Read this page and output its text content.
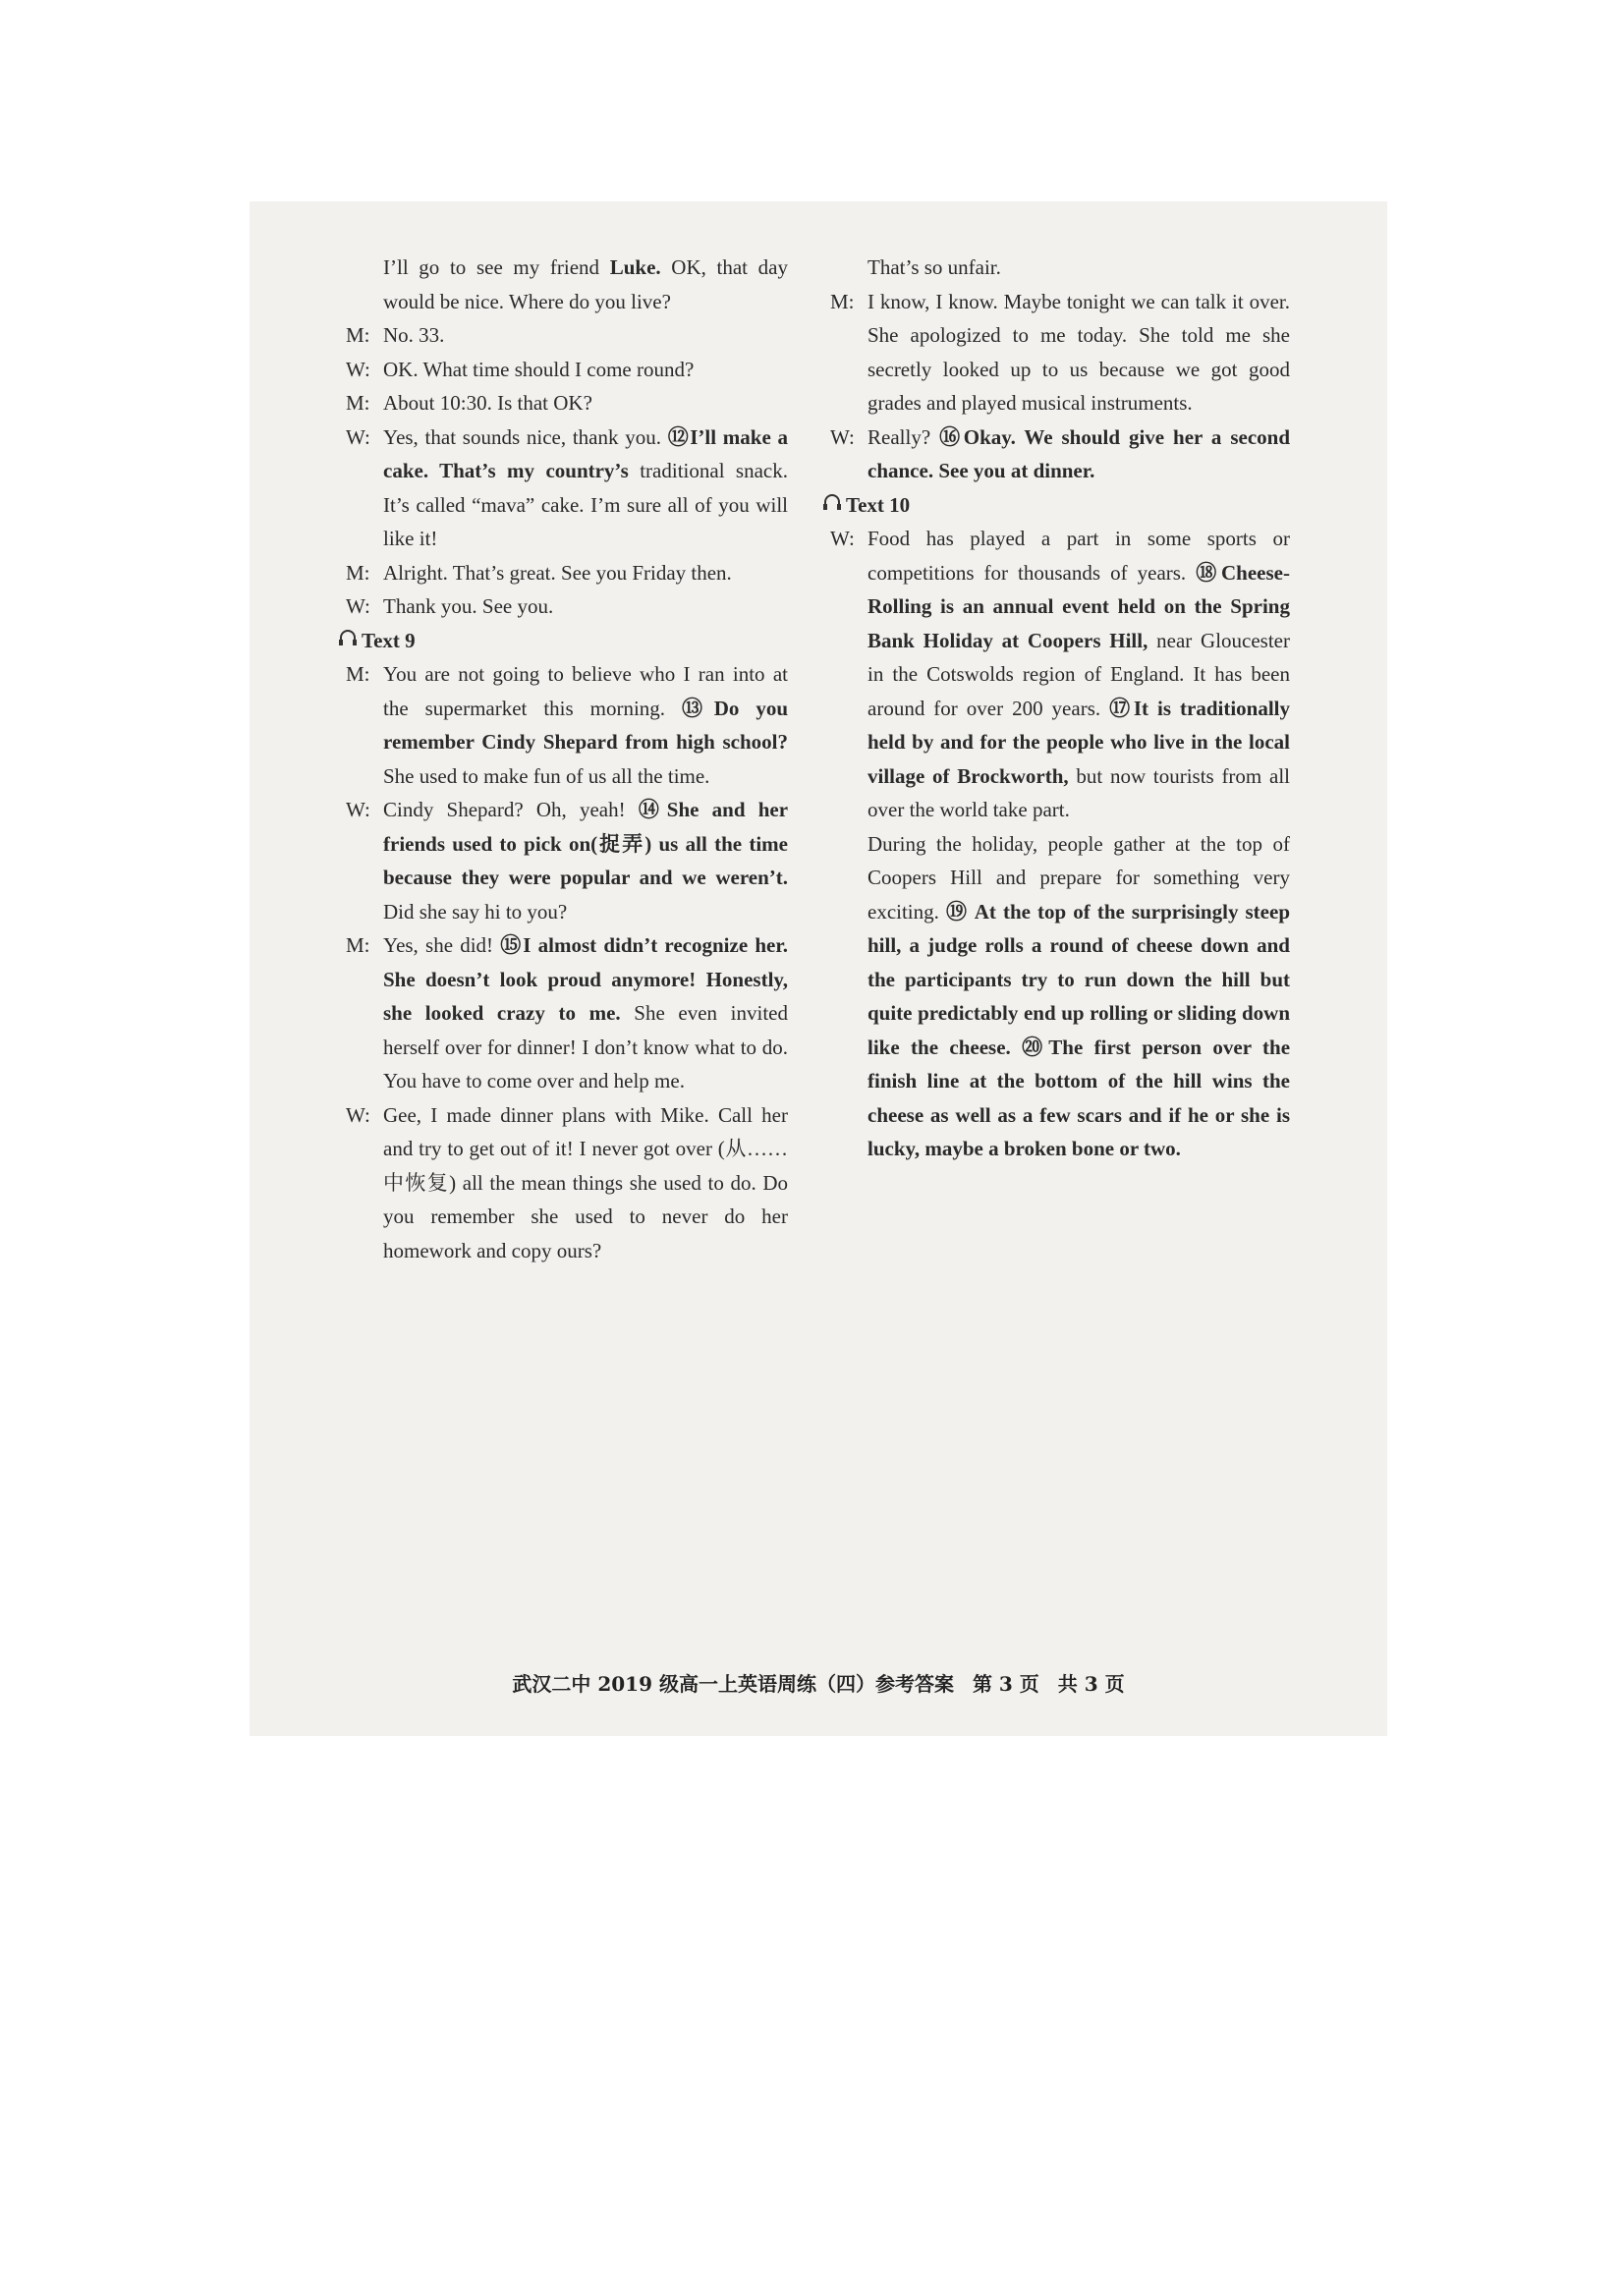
I’ll go to see my friend Luke. OK, that day would be nice. Where do you live?
M: No. 33.
W: OK. What time should I come round?
M: About 10:30. Is that OK?
W: Yes, that sounds nice, thank you. ⑫I’ll make a cake. That’s my country’s traditional snack. It’s called “mava” cake. I’m sure all of you will like it!
M: Alright. That’s great. See you Friday then.
W: Thank you. See you.
Text 9
M: You are not going to believe who I ran into at the supermarket this morning. ⑬Do you remember Cindy Shepard from high school? She used to make fun of us all the time.
W: Cindy Shepard? Oh, yeah! ⑭She and her friends used to pick on(捉弄) us all the time because they were popular and we weren’t. Did she say hi to you?
M: Yes, she did! ⑮I almost didn’t recognize her. She doesn’t look proud anymore! Honestly, she looked crazy to me. She even invited herself over for dinner! I don’t know what to do. You have to come over and help me.
W: Gee, I made dinner plans with Mike. Call her and try to get out of it! I never got over (从……中恢复) all the mean things she used to do. Do you remember she used to never do her homework and copy ours?
That’s so unfair.
M: I know, I know. Maybe tonight we can talk it over. She apologized to me today. She told me she secretly looked up to us because we got good grades and played musical instruments.
W: Really? ⑯Okay. We should give her a second chance. See you at dinner.
Text 10
W: Food has played a part in some sports or competitions for thousands of years. ⑱Cheese-Rolling is an annual event held on the Spring Bank Holiday at Coopers Hill, near Gloucester in the Cotswolds region of England. It has been around for over 200 years. ⑰It is traditionally held by and for the people who live in the local village of Brockworth, but now tourists from all over the world take part.
During the holiday, people gather at the top of Coopers Hill and prepare for something very exciting. ⑲ At the top of the surprisingly steep hill, a judge rolls a round of cheese down and the participants try to run down the hill but quite predictably end up rolling or sliding down like the cheese. ⑳The first person over the finish line at the bottom of the hill wins the cheese as well as a few scars and if he or she is lucky, maybe a broken bone or two.
武汉二中 2019 级高一上英语周练（四）参考答案 第 3 页 共 3 页
